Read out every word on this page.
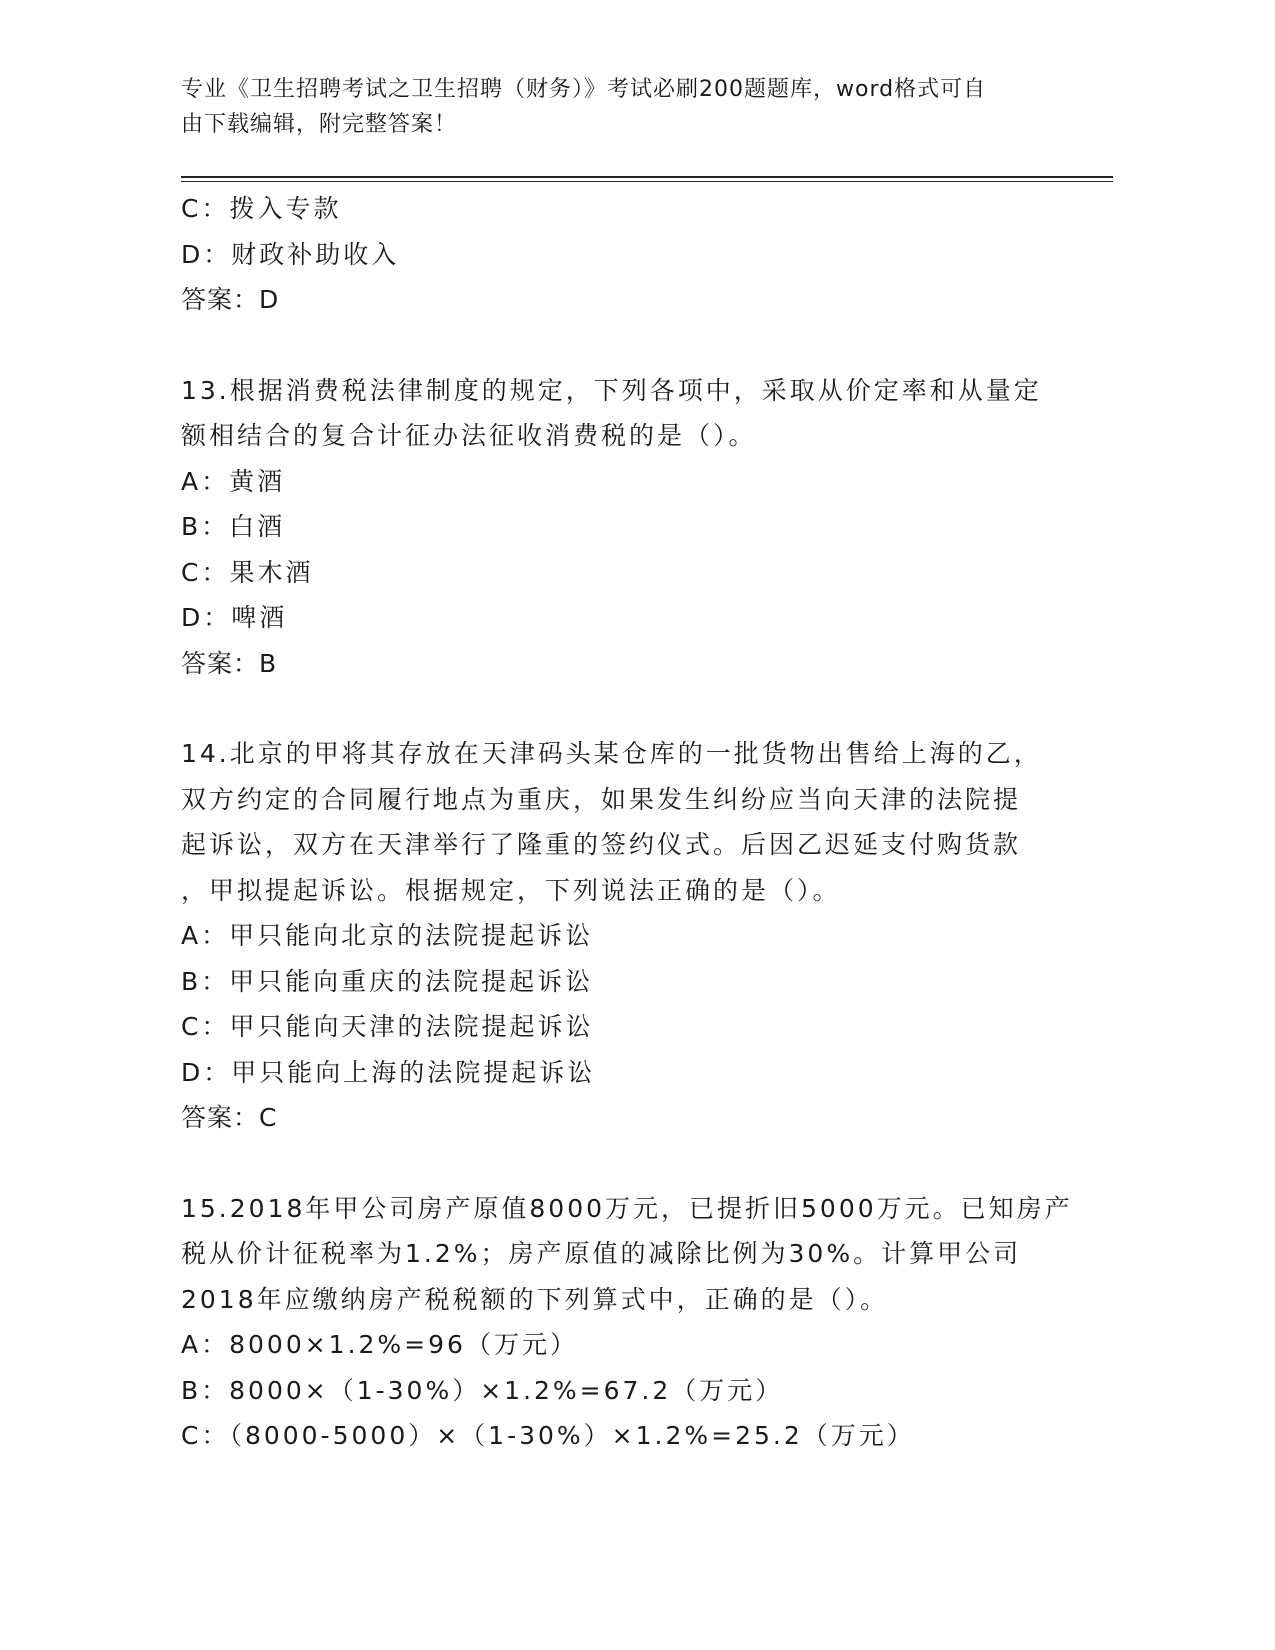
专业《卫生招聘考试之卫生招聘（财务）》考试必刷200题题库，word格式可自
由下载编辑，附完整答案！
C：拨入专款
D：财政补助收入
答案：D
13.根据消费税法律制度的规定，下列各项中，采取从价定率和从量定
额相结合的复合计征办法征收消费税的是（）。
A：黄酒
B：白酒
C：果木酒
D：啤酒
答案：B
14.北京的甲将其存放在天津码头某仓库的一批货物出售给上海的乙，
双方约定的合同履行地点为重庆，如果发生纠纷应当向天津的法院提
起诉讼，双方在天津举行了隆重的签约仪式。后因乙迟延支付购货款
，甲拟提起诉讼。根据规定，下列说法正确的是（）。
A：甲只能向北京的法院提起诉讼
B：甲只能向重庆的法院提起诉讼
C：甲只能向天津的法院提起诉讼
D：甲只能向上海的法院提起诉讼
答案：C
15.2018年甲公司房产原值8000万元，已提折旧5000万元。已知房产
税从价计征税率为1.2%；房产原值的减除比例为30%。计算甲公司
2018年应缴纳房产税税额的下列算式中，正确的是（）。
A：8000×1.2%=96（万元）
B：8000×（1-30%）×1.2%=67.2（万元）
C：（8000-5000）×（1-30%）×1.2%=25.2（万元）
